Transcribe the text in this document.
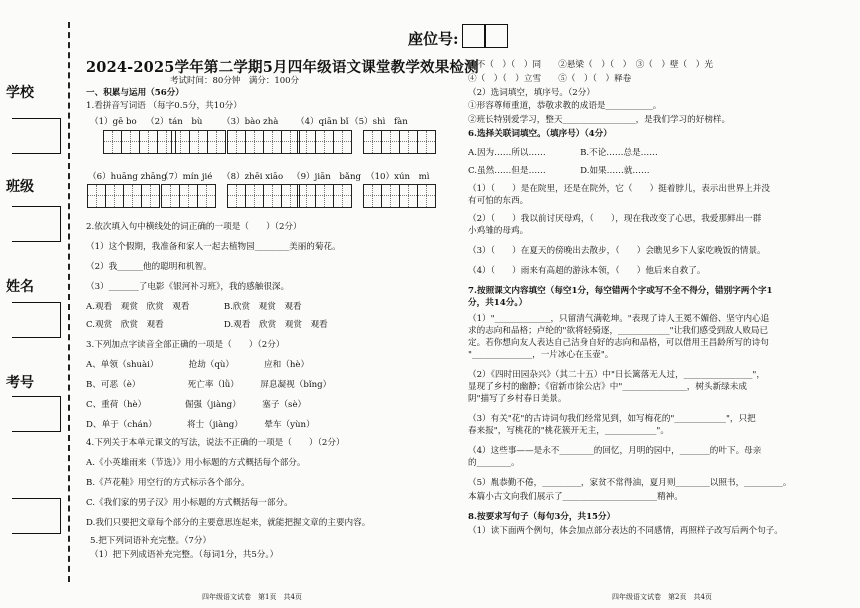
学校
班级
姓名
考号
座位号:
2024-2025学年第二学期5月四年级语文课堂教学效果检测
考试时间：80分钟　满分：100分
一、积累与运用（56分）
1.看拼音写词语 （每字0.5分，共10分）
（1）gē bo （2）tán　bù （3）bào zhà （4）qiān bǐ （5）shì　fàn
（6）huāng zhāng
（7）mín jié （8）zhēi xiāo （9）jiān　bǎng （10）xún　mì
2.依次填入句中横线处的词正确的一项是（　　）（2分）
（1）这个假期，我准备和家人一起去植物园________美丽的菊花。
（2）我______他的聪明和机智。
（3）_______了电影《银河补习班》，我的感触很深。
A.观看　观赏　欣赏　观看　　　　B.欣赏　观赏　观看
C.观赏　欣赏　观看　　　　　　　D.观看　欣赏　观赏　观看
3.下列加点字读音全部正确的一项是（　　）（2分）
A、单领（shuài）　　　　抢劫（qù）　　　　应和（hè）
B、可恶（è）　　　　　　死亡率（lǜ）　　　屏息凝视（bǐng）
C、重荷（hè）　　　　　倔强（jiàng）　　　塞子（sè）
D、单于（chán）　　　　将士（jiàng）　　　晕车（yùn）
4.下列关于本单元课文的写法，说法不正确的一项是（　　）（2分）
A.《小英雄雨来（节选）》用小标题的方式概括每个部分。
B.《芦花鞋》用空行的方式标示各个部分。
C.《我们家的男子汉》用小标题的方式概括每一部分。
D.我们只要把文章每个部分的主要意思连起来，就能把握文章的主要内容。
5.把下列词语补充完整。（7分）
（1）把下列成语补充完整。（每词1分，共5分。）
①不（　）（　）同　　②悬梁（　）（　）　③（　）壁（　）光
④（　）（　）立雪　　⑤（　）（　）释卷
（2）选词填空，填序号。（2分）
①形容尊师重道，恭敬求教的成语是___________。
②班长特别爱学习，整天_________________，是我们学习的好榜样。
6.选择关联词填空。（填序号）（4分）
A.因为……所以……　　　　B.不论……总是……
C.虽然……但是……　　　　D.如果……就……
（1）（　　）是在院里，还是在院外，它（　　）挺着脖儿，表示出世界上并没
有可怕的东西。
（2）（　　）我以前讨厌母鸡，（　　），现在我改变了心思，我爱那鲜出一群
小鸡雏的母鸡。
（3）（　　）在夏天的傍晚出去散步，（　　）会瞧见乡下人家吃晚饭的情景。
（4）（　　）雨来有高超的游泳本领，（　　）他后来自救了。
7.按照课文内容填空（每空1分，每空错两个字或写不全不得分，错别字两个字1
分，共14分。）
（1）"_____________，只留清气满乾坤。"表现了诗人王冕不媚俗、坚守内心追
求的志向和品格；卢纶的"欲将轻骑逐，____________"让我们感受到敌人败局已
定。若你想向友人表达自己洁身自好的志向和品格，可以借用王昌龄所写的诗句
"______________，一片冰心在玉壶"。
（2）《四时田园杂兴》（其二十五）中"日长篱落无人过，________________"，
显现了乡村的幽静；《宿新市徐公店》中"_______________，树头新绿未成
阴"描写了乡村春日美景。
（3）有关"花"的古诗词句我们经常见到，如写梅花的"____________"，只把
春来报"，写桃花的"桃花簇开无主，____________"。
（4）这些事——是永不________的回忆，月明的园中，_______的叶下。母亲
的________。
（5）胤恭勤不倦，_________，家贫不常得油，夏月则________以照书，_________。
本篇小古文向我们展示了______________________精神。
8.按要求写句子（每句3分，共15分）
（1）读下面两个例句，体会加点部分表达的不同感情，再照样子改写后两个句子。
四年级语文试卷　第1页　共4页	四年级语文试卷　第2页　共4页
